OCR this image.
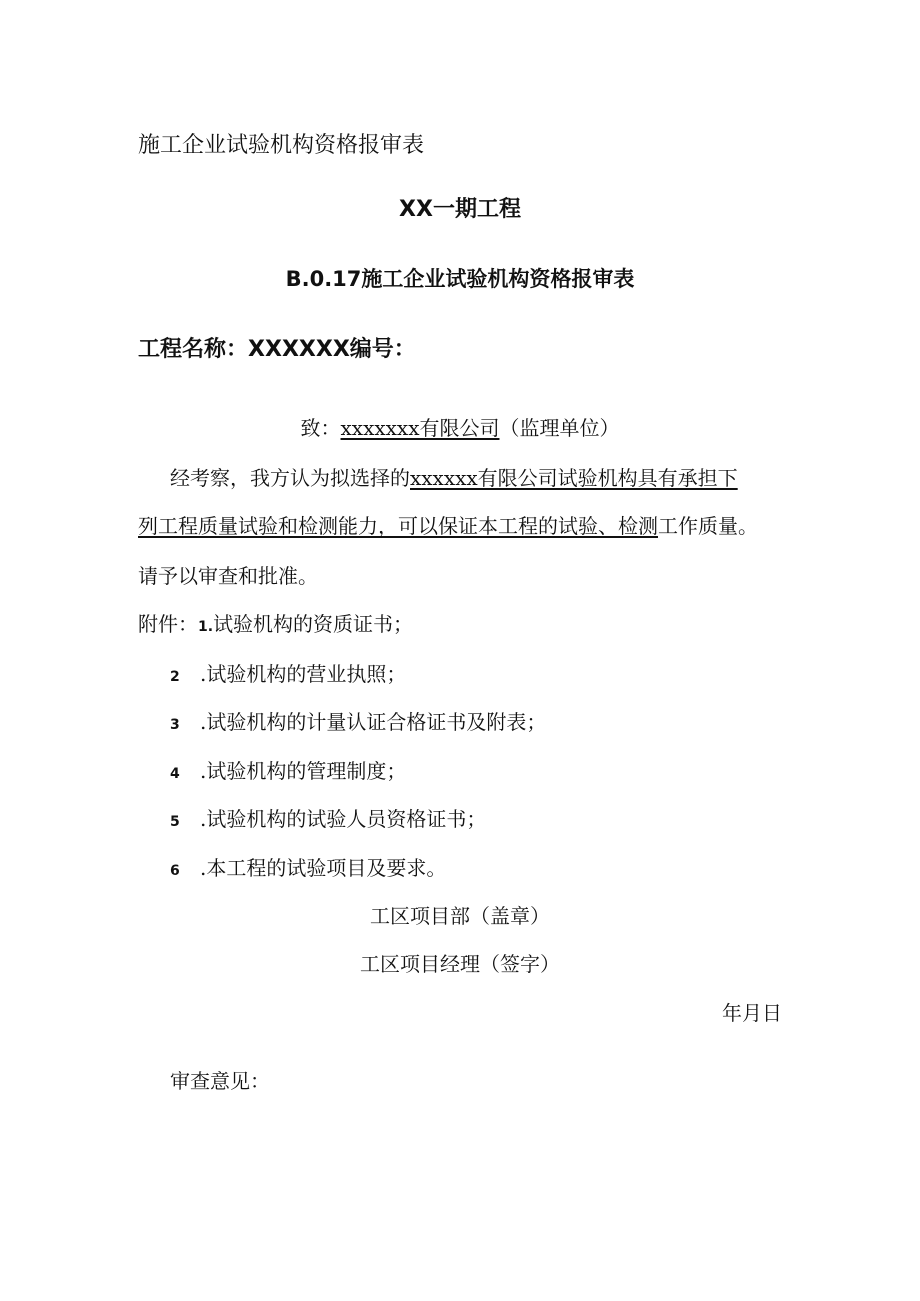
施工企业试验机构资格报审表
XX一期工程
B.0.17施工企业试验机构资格报审表
工程名称：XXXXXX编号：
致：xxxxxxx有限公司（监理单位）
经考察，我方认为拟选择的xxxxxx有限公司试验机构具有承担下
列工程质量试验和检测能力，可以保证本工程的试验、检测工作质量。
请予以审查和批准。
附件：1.试验机构的资质证书；
2 .试验机构的营业执照；
3 .试验机构的计量认证合格证书及附表；
4 .试验机构的管理制度；
5 .试验机构的试验人员资格证书；
6 .本工程的试验项目及要求。
工区项目部（盖章）
工区项目经理（签字）
年月日
审查意见：
